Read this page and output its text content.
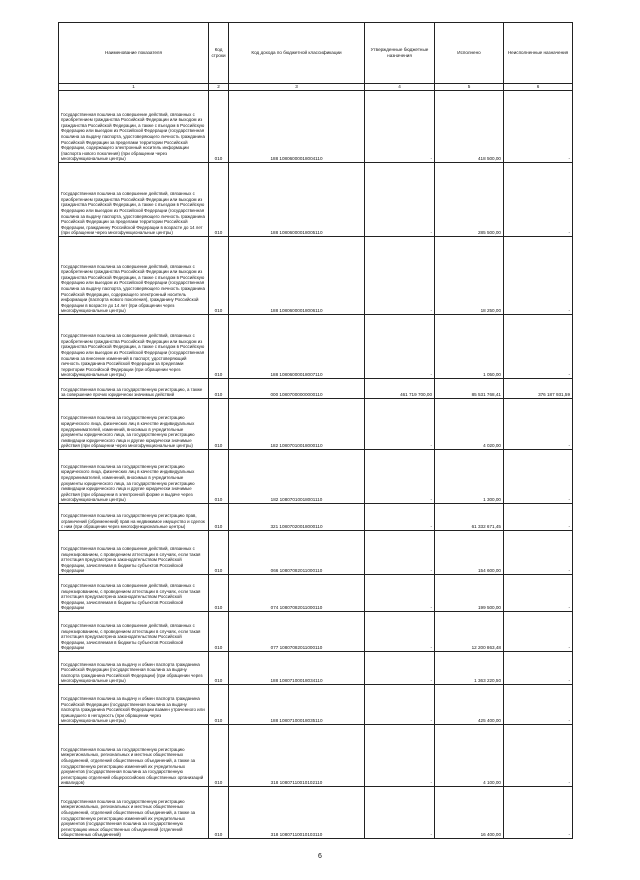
Наименование показателя	Код строки	Код дохода по бюджетной классификации	Утвержденные бюджетные назначения	Исполнено	Неисполненные назначения
1	2	3	4	5	6
Государственная пошлина за совершение действий, связанных с приобретением гражданства Российской Федерации или выходом из гражданства Российской Федерации, а также с въездом в Российскую Федерацию или выездом из Российской Федерации (государственная пошлина за выдачу паспорта, удостоверяющего личность гражданина Российской Федерации за пределами территории Российской Федерации, содержащего электронный носитель информации (паспорта нового поколения) (при обращении через многофункциональные центры)	010	188 10806000018004110	-	418 500,00	-
Государственная пошлина за совершение действий, связанных с приобретением гражданства Российской Федерации или выходом из гражданства Российской Федерации, а также с въездом в Российскую Федерацию или выездом из Российской Федерации (государственная пошлина за выдачу паспорта, удостоверяющего личность гражданина Российской Федерации за пределами территории Российской Федерации, гражданину Российской Федерации в возрасте до 14 лет (при обращении через многофункциональные центры)	010	188 10806000018005110	-	285 500,00	-
Государственная пошлина за совершение действий, связанных с приобретением гражданства Российской Федерации или выходом из гражданства Российской Федерации, а также с въездом в Российскую Федерацию или выездом из Российской Федерации (государственная пошлина за выдачу паспорта, удостоверяющего личность гражданина Российской Федерации, содержащего электронный носитель информации (паспорта нового поколения), гражданину Российской Федерации в возрасте до 14 лет (при обращении через многофункциональные центры)	010	188 10806000018006110	-	18 250,00	-
Государственная пошлина за совершение действий, связанных с приобретением гражданства Российской Федерации или выходом из гражданства Российской Федерации, а также с въездом в Российскую Федерацию или выездом из Российской Федерации (государственная пошлина за внесение изменений в паспорт, удостоверяющий личность гражданина Российской Федерации за пределами территории Российской Федерации (при обращении через многофункциональные центры)	010	188 10806000018007110	-	1 050,00	-
Государственная пошлина за государственную регистрацию, а также за совершение прочих юридически значимых действий	010	000 10807000000000110	461 719 700,00	85 531 768,41	376 187 931,59
Государственная пошлина за государственную регистрацию юридического лица, физических лиц в качестве индивидуальных предпринимателей, изменений, вносимых в учредительные документы юридического лица, за государственную регистрацию ликвидации юридического лица и другие юридически значимые действия (при обращении через многофункциональные центры)	010	182 10807010018000110	-	4 020,00	-
Государственная пошлина за государственную регистрацию юридического лица, физических лиц в качестве индивидуальных предпринимателей, изменений, вносимых в учредительные документы юридического лица, за государственную регистрацию ликвидации юридического лица и другие юридически значимые действия (при обращении в электронной форме и выдаче через многофункциональные центры)	010	182 10807010018001110	-	1 300,00	-
Государственная пошлина за государственную регистрацию прав, ограничений (обременений) прав на недвижимое имущество и сделок с ним (при обращении через многофункциональные центры)	010	321 10807020018000110	-	61 332 671,45	-
Государственная пошлина за совершение действий, связанных с лицензированием, с проведением аттестации в случаях, если такая аттестация предусмотрена законодательством Российской Федерации, зачисляемая в бюджеты субъектов Российской Федерации	010	066 10807082011000110	-	154 600,00	-
Государственная пошлина за совершение действий, связанных с лицензированием, с проведением аттестации в случаях, если такая аттестация предусмотрена законодательством Российской Федерации, зачисляемая в бюджеты субъектов Российской Федерации	010	074 10807082011000110	-	199 500,00	-
Государственная пошлина за совершение действий, связанных с лицензированием, с проведением аттестации в случаях, если такая аттестация предусмотрена законодательством Российской Федерации, зачисляемая в бюджеты субъектов Российской Федерации	010	077 10807082011000110	-	12 200 863,48	-
Государственная пошлина за выдачу и обмен паспорта гражданина Российской Федерации (государственная пошлина за выдачу паспорта гражданина Российской Федерации) (при обращении через многофункциональные центры)	010	188 10807100018034110	-	1 363 220,50	-
Государственная пошлина за выдачу и обмен паспорта гражданина Российской Федерации (государственная пошлина за выдачу паспорта гражданина Российской Федерации взамен утраченного или пришедшего в негодность (при обращении через многофункциональные центры)	010	188 10807100018035110	-	425 400,00	-
Государственная пошлина за государственную регистрацию межрегиональных, региональных и местных общественных объединений, отделений общественных объединений, а также за государственную регистрацию изменений их учредительных документов (государственная пошлина за государственную регистрацию отделений общероссийских общественных организаций инвалидов)	010	318 10807110010102110	-	4 100,00	-
Государственная пошлина за государственную регистрацию межрегиональных, региональных и местных общественных объединений, отделений общественных объединений, а также за государственную регистрацию изменений их учредительных документов (государственная пошлина за государственную регистрацию иных общественных объединений (отделений общественных объединений)	010	318 10807110010103110	-	16 400,00	-
6
